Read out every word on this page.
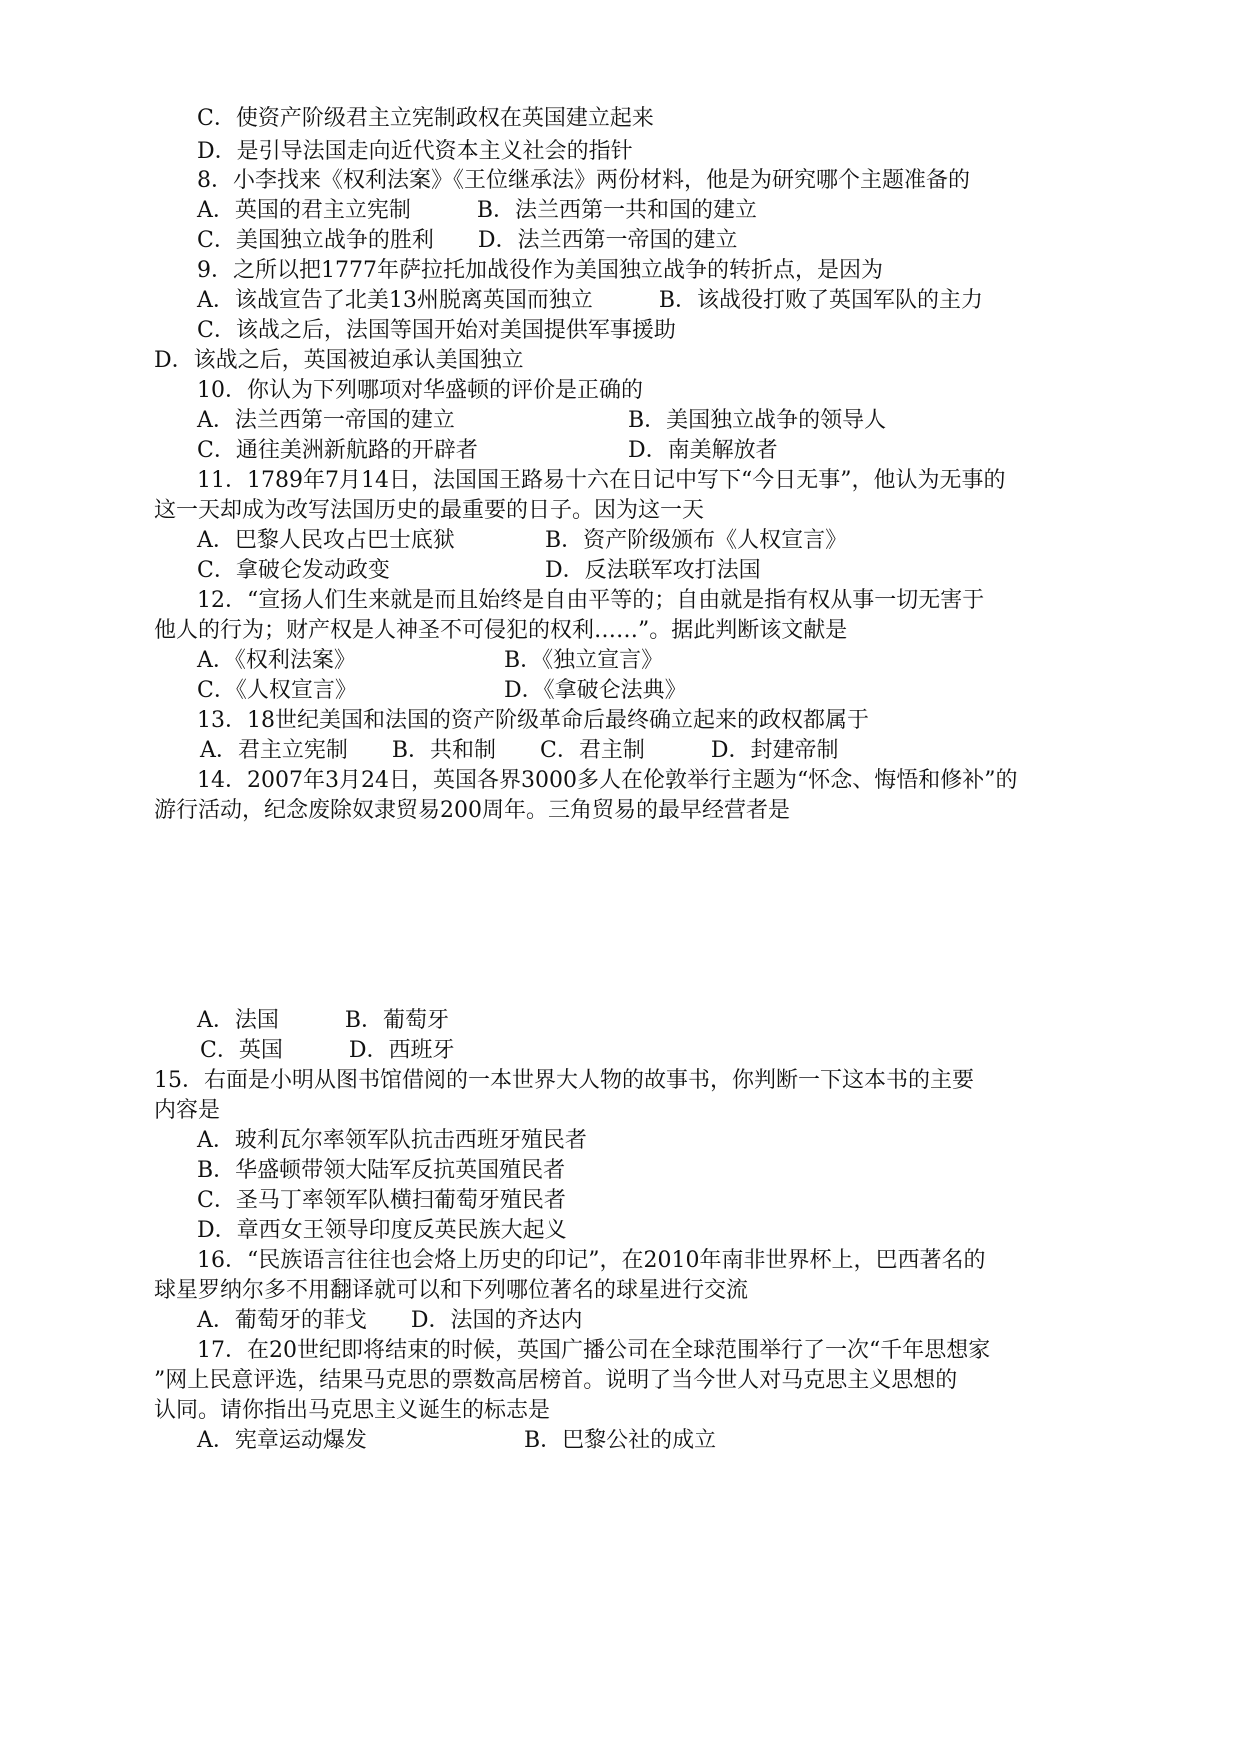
C．使资产阶级君主立宪制政权在英国建立起来
D．是引导法国走向近代资本主义社会的指针
8．小李找来《权利法案》《王位继承法》两份材料，他是为研究哪个主题准备的
A．英国的君主立宪制　　　B．法兰西第一共和国的建立
C．美国独立战争的胜利　　D．法兰西第一帝国的建立
9．之所以把1777年萨拉托加战役作为美国独立战争的转折点，是因为
A．该战宣告了北美13州脱离英国而独立　　　B．该战役打败了英国军队的主力
C．该战之后，法国等国开始对美国提供军事援助
D．该战之后，英国被迫承认美国独立
10．你认为下列哪项对华盛顿的评价是正确的
A．法兰西第一帝国的建立	B．美国独立战争的领导人
C．通往美洲新航路的开辟者	D．南美解放者
11．1789年7月14日，法国国王路易十六在日记中写下“今日无事”，他认为无事的
这一天却成为改写法国历史的最重要的日子。因为这一天
A．巴黎人民攻占巴士底狱	B．资产阶级颁布《人权宣言》
C．拿破仑发动政变	D．反法联军攻打法国
12．“宣扬人们生来就是而且始终是自由平等的；自由就是指有权从事一切无害于
他人的行为；财产权是人神圣不可侵犯的权利……”。据此判断该文献是
A．《权利法案》	B．《独立宣言》
C．《人权宣言》	D．《拿破仑法典》
13．18世纪美国和法国的资产阶级革命后最终确立起来的政权都属于
A．君主立宪制　　B．共和制　　C．君主制　　　D．封建帝制
14．2007年3月24日，英国各界3000多人在伦敦举行主题为“怀念、悔悟和修补”的
游行活动，纪念废除奴隶贸易200周年。三角贸易的最早经营者是
A．法国　　　B．葡萄牙
C．英国　　　D．西班牙
15．右面是小明从图书馆借阅的一本世界大人物的故事书，你判断一下这本书的主要
内容是
A．玻利瓦尔率领军队抗击西班牙殖民者
B．华盛顿带领大陆军反抗英国殖民者
C．圣马丁率领军队横扫葡萄牙殖民者
D．章西女王领导印度反英民族大起义
16．“民族语言往往也会烙上历史的印记”，在2010年南非世界杯上，巴西著名的
球星罗纳尔多不用翻译就可以和下列哪位著名的球星进行交流
A．葡萄牙的菲戈　　D．法国的齐达内
17．在20世纪即将结束的时候，英国广播公司在全球范围举行了一次“千年思想家
”网上民意评选，结果马克思的票数高居榜首。说明了当今世人对马克思主义思想的
认同。请你指出马克思主义诞生的标志是
A．宪章运动爆发	B．巴黎公社的成立
